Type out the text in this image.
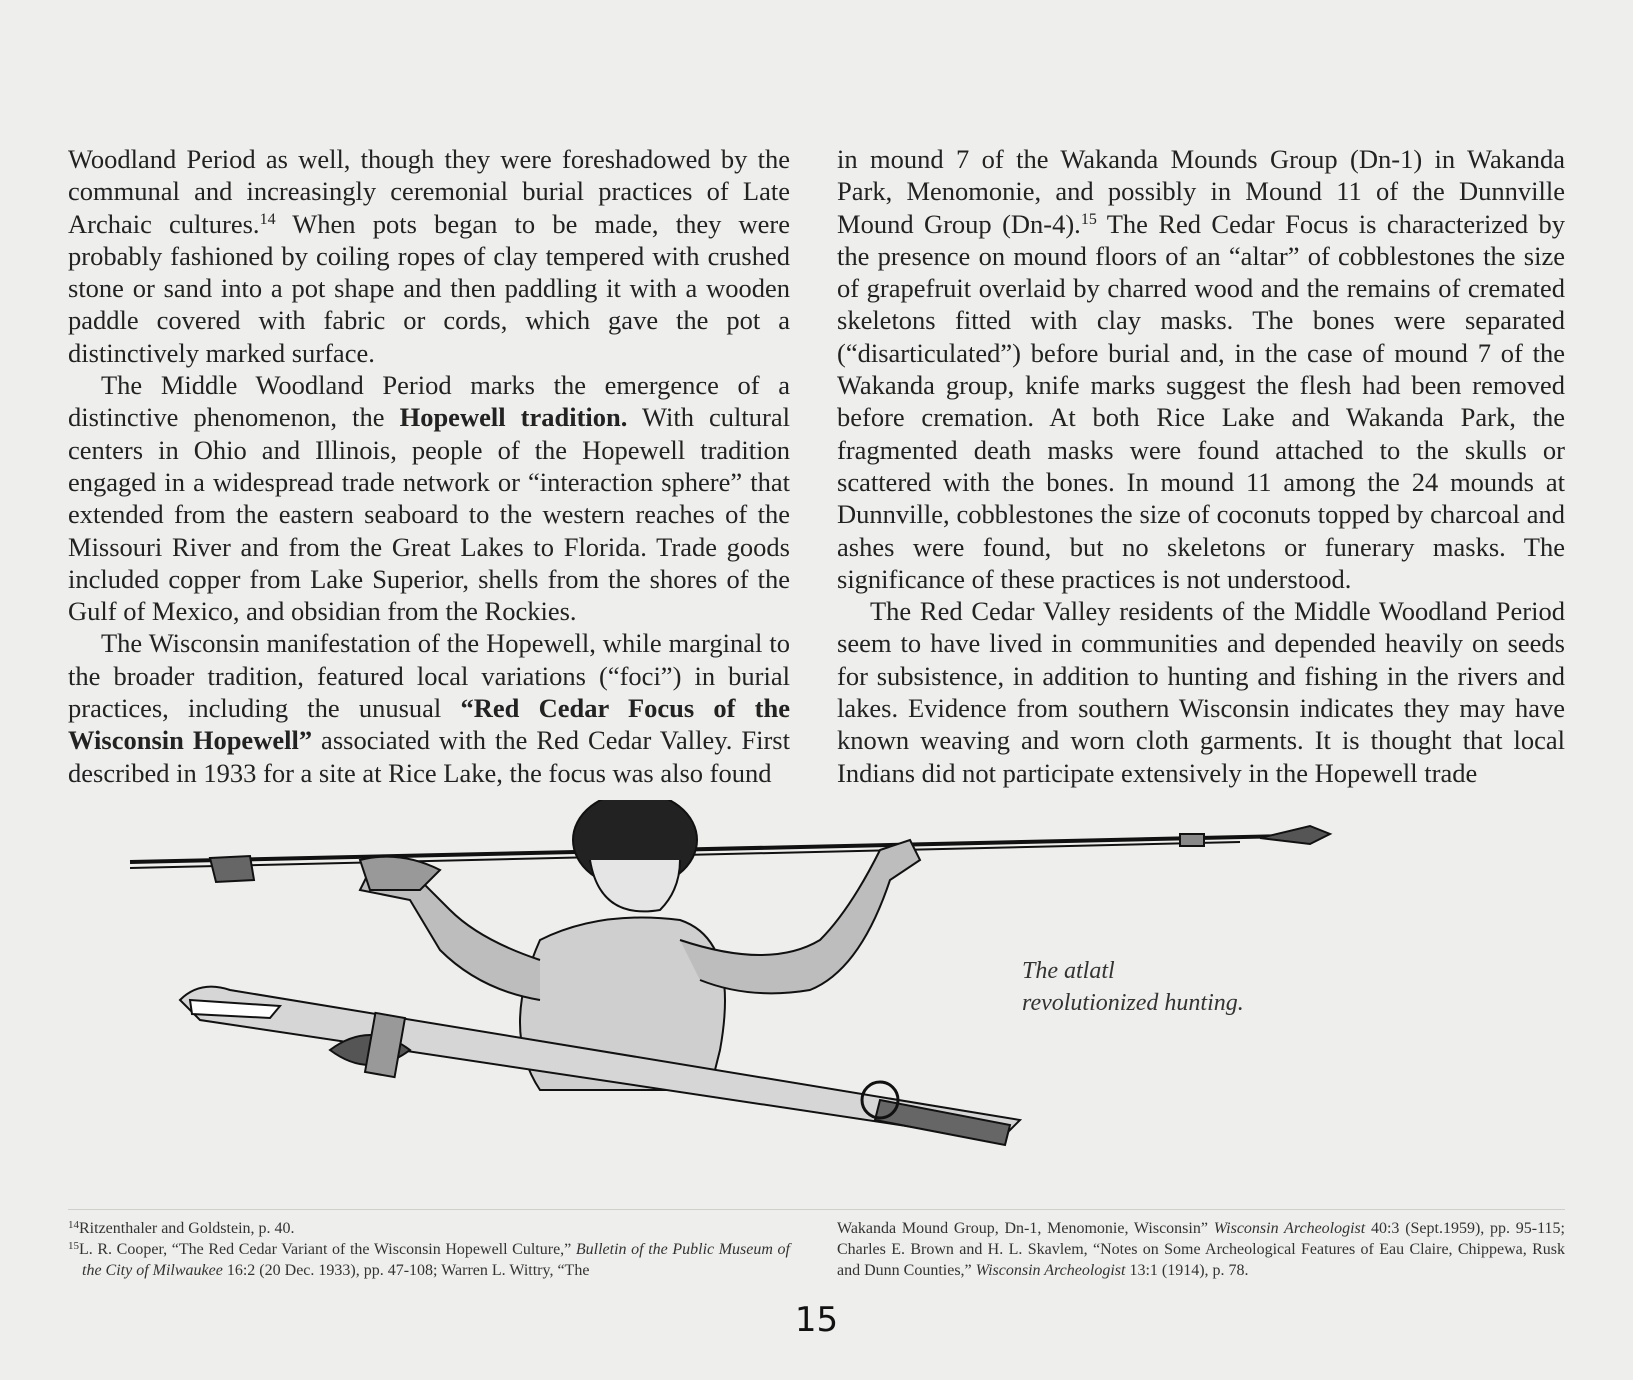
Woodland Period as well, though they were foreshadowed by the communal and increasingly ceremonial burial practices of Late Archaic cultures.$^{14}$ When pots began to be made, they were probably fashioned by coiling ropes of clay tempered with crushed stone or sand into a pot shape and then paddling it with a wooden paddle covered with fabric or cords, which gave the pot a distinctively marked surface.

The Middle Woodland Period marks the emergence of a distinctive phenomenon, the Hopewell tradition. With cultural centers in Ohio and Illinois, people of the Hopewell tradition engaged in a widespread trade network or “interaction sphere” that extended from the eastern seaboard to the western reaches of the Missouri River and from the Great Lakes to Florida. Trade goods included copper from Lake Superior, shells from the shores of the Gulf of Mexico, and obsidian from the Rockies.

The Wisconsin manifestation of the Hopewell, while marginal to the broader tradition, featured local variations (“foci”) in burial practices, including the unusual “Red Cedar Focus of the Wisconsin Hopewell” associated with the Red Cedar Valley. First described in 1933 for a site at Rice Lake, the focus was also found

in mound 7 of the Wakanda Mounds Group (Dn-1) in Wakanda Park, Menomonie, and possibly in Mound 11 of the Dunnville Mound Group (Dn-4).$^{15}$ The Red Cedar Focus is characterized by the presence on mound floors of an “altar” of cobblestones the size of grapefruit overlaid by charred wood and the remains of cremated skeletons fitted with clay masks. The bones were separated (“disarticulated”) before burial and, in the case of mound 7 of the Wakanda group, knife marks suggest the flesh had been removed before cremation. At both Rice Lake and Wakanda Park, the fragmented death masks were found attached to the skulls or scattered with the bones. In mound 11 among the 24 mounds at Dunnville, cobblestones the size of coconuts topped by charcoal and ashes were found, but no skeletons or funerary masks. The significance of these practices is not understood.

The Red Cedar Valley residents of the Middle Woodland Period seem to have lived in communities and depended heavily on seeds for subsistence, in addition to hunting and fishing in the rivers and lakes. Evidence from southern Wisconsin indicates they may have known weaving and worn cloth garments. It is thought that local Indians did not participate extensively in the Hopewell trade

The atlatl
revolutionized hunting.

$^{14}$Ritzenthaler and Goldstein, p. 40.

$^{15}$L. R. Cooper, “The Red Cedar Variant of the Wisconsin Hopewell Culture,” Bulletin of the Public Museum of the City of Milwaukee 16:2 (20 Dec. 1933), pp. 47-108; Warren L. Wittry, “The

Wakanda Mound Group, Dn-1, Menomonie, Wisconsin” Wisconsin Archeologist 40:3 (Sept.1959), pp. 95-115; Charles E. Brown and H. L. Skavlem, “Notes on Some Archeological Features of Eau Claire, Chippewa, Rusk and Dunn Counties,” Wisconsin Archeologist 13:1 (1914), p. 78.

15
